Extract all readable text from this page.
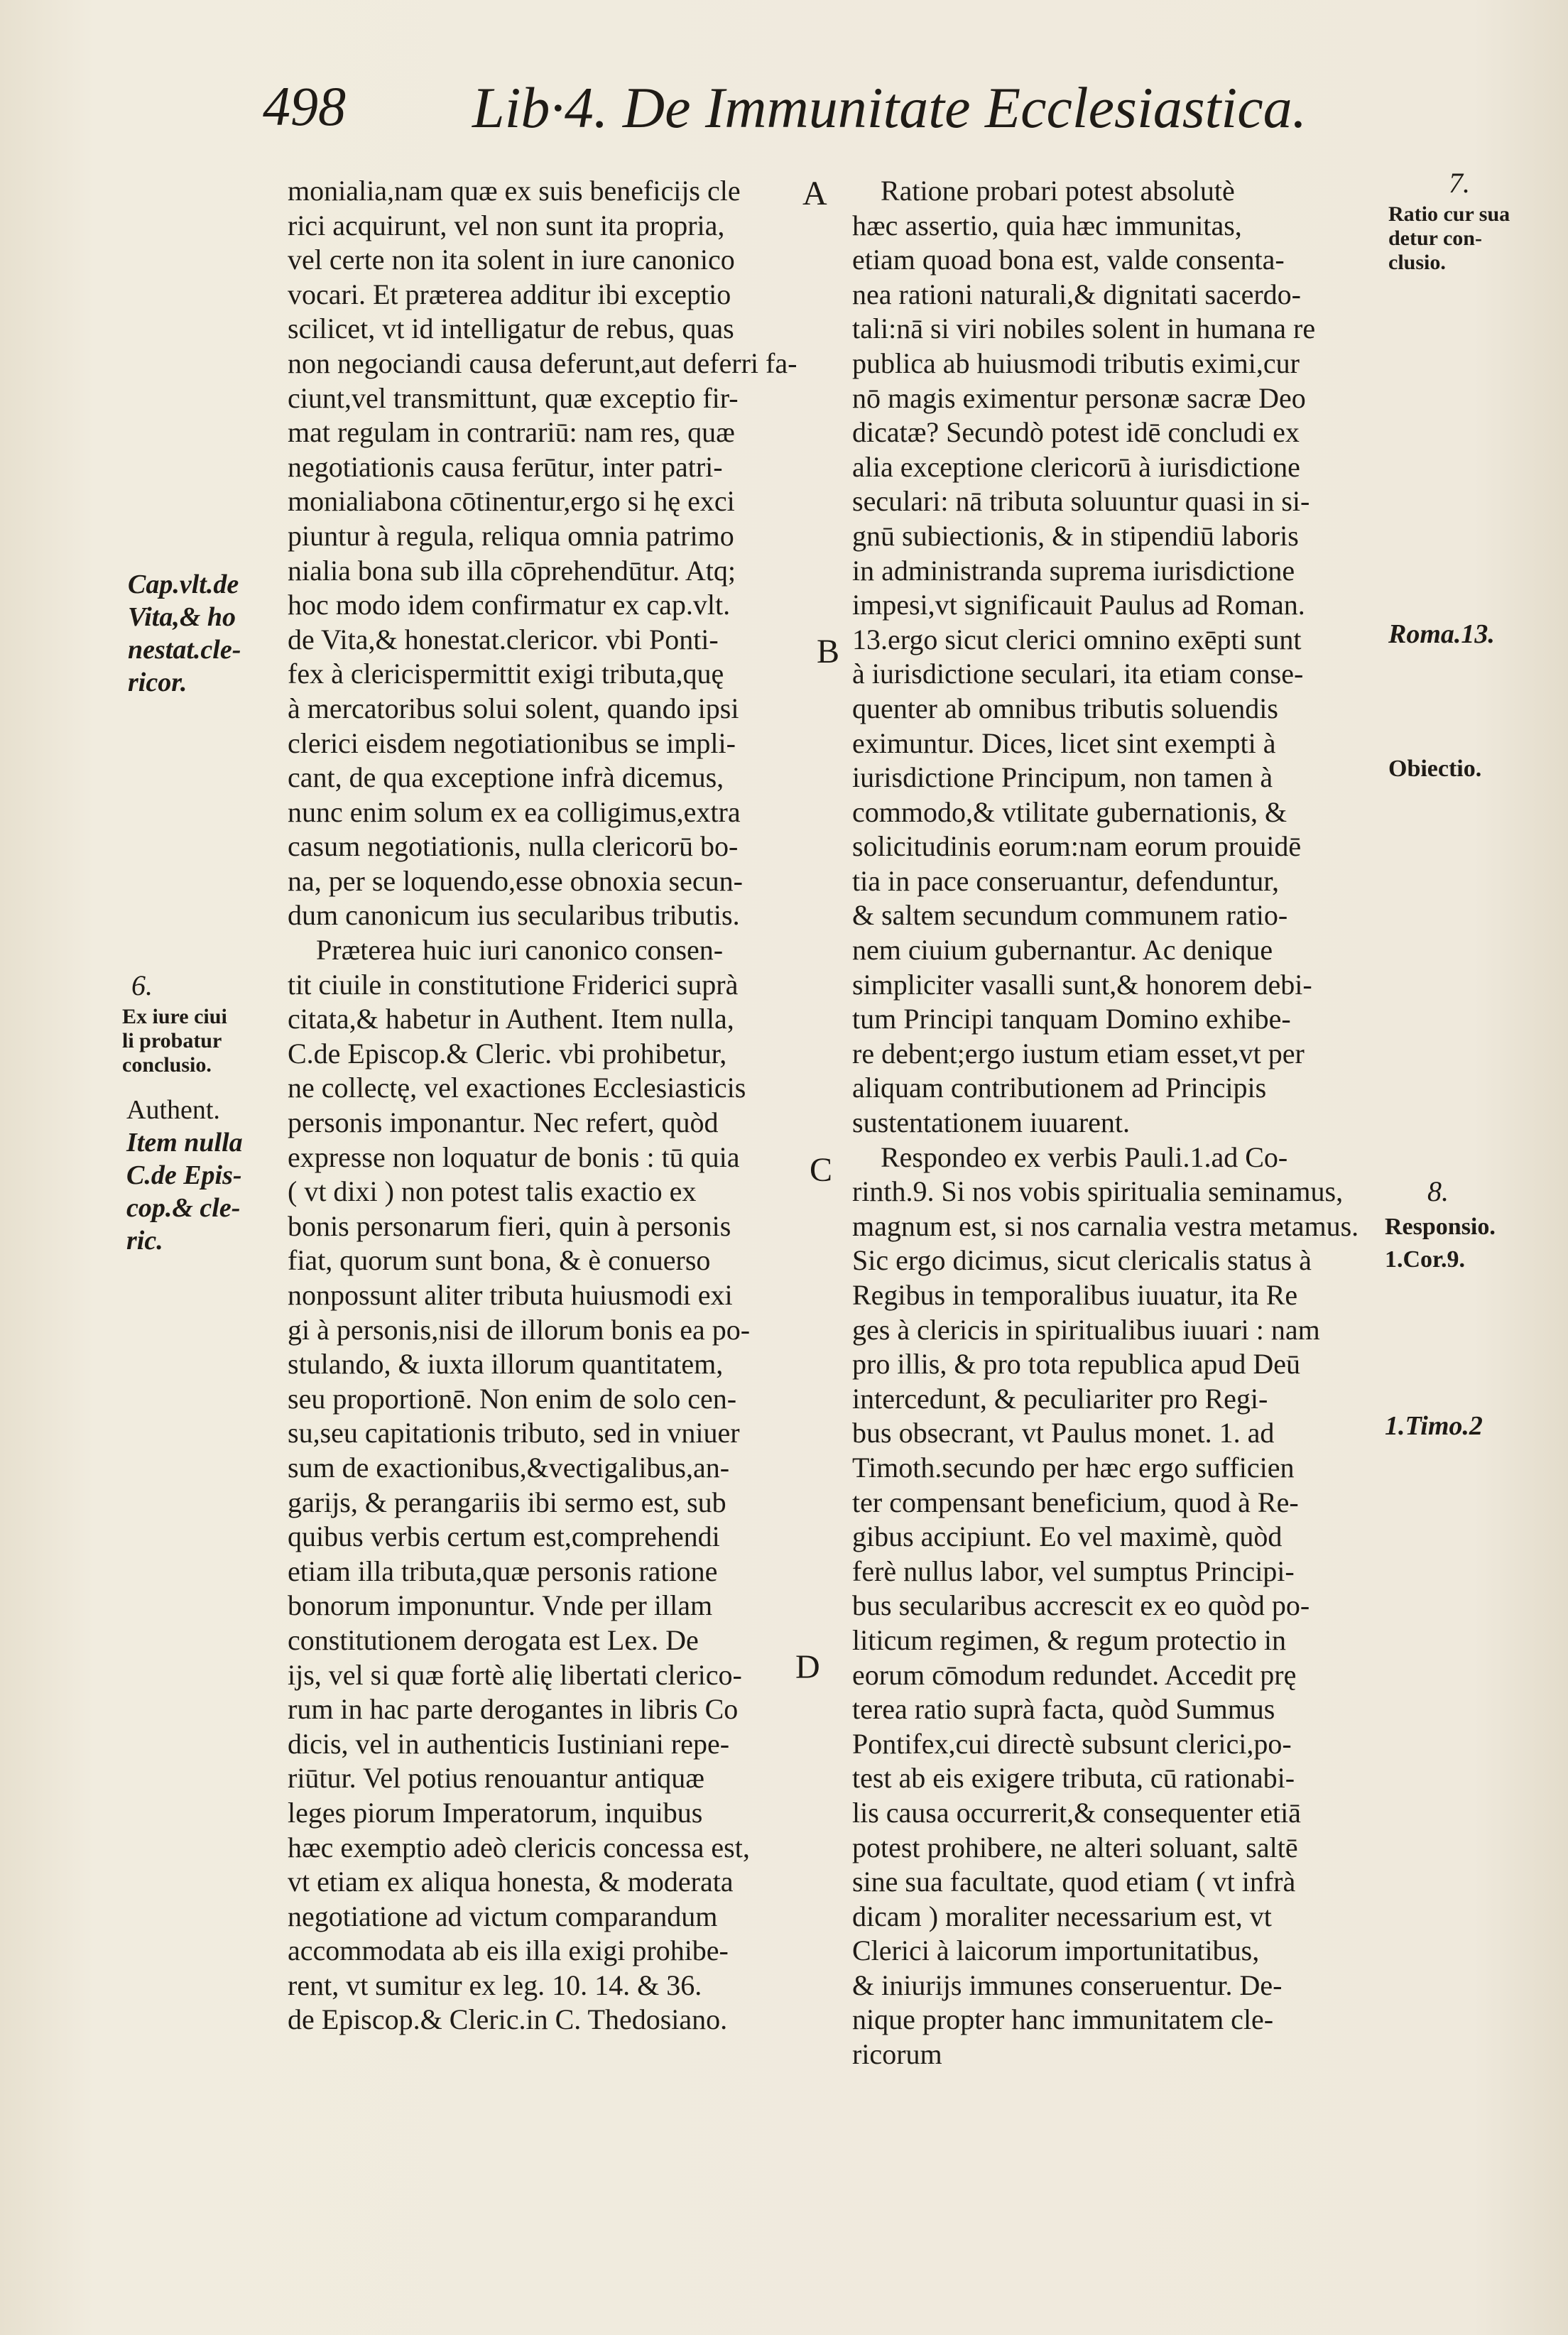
498 Lib·4. De Immunitate Ecclesiastica.
A
B
C
D

monialia,nam quæ ex suis beneficijs cle

rici acquirunt, vel non sunt ita propria,

vel certe non ita solent in iure canonico

vocari. Et præterea additur ibi exceptio

scilicet, vt id intelligatur de rebus, quas

non negociandi causa deferunt,aut deferri fa-

ciunt,vel transmittunt, quæ exceptio fir-

mat regulam in contrariū: nam res, quæ

negotiationis causa ferūtur, inter patri-

monialiabona cōtinentur,ergo si hę exci

piuntur à regula, reliqua omnia patrimo

nialia bona sub illa cōprehendūtur. Atq;

hoc modo idem confirmatur ex cap.vlt.

de Vita,& honestat.clericor. vbi Ponti-

fex à clericispermittit exigi tributa,quę

à mercatoribus solui solent, quando ipsi

clerici eisdem negotiationibus se impli-

cant, de qua exceptione infrà dicemus,

nunc enim solum ex ea colligimus,extra

casum negotiationis, nulla clericorū bo-

na, per se loquendo,esse obnoxia secun-

dum canonicum ius secularibus tributis.

Præterea huic iuri canonico consen-

tit ciuile in constitutione Friderici suprà

citata,& habetur in Authent. Item nulla,

C.de Episcop.& Cleric. vbi prohibetur,

ne collectę, vel exactiones Ecclesiasticis

personis imponantur. Nec refert, quòd

expresse non loquatur de bonis : tū quia

( vt dixi ) non potest talis exactio ex

bonis personarum fieri, quin à personis

fiat, quorum sunt bona, & è conuerso

nonpossunt aliter tributa huiusmodi exi

gi à personis,nisi de illorum bonis ea po-

stulando, & iuxta illorum quantitatem,

seu proportionē. Non enim de solo cen-

su,seu capitationis tributo, sed in vniuer

sum de exactionibus,&vectigalibus,an-

garijs, & perangariis ibi sermo est, sub

quibus verbis certum est,comprehendi

etiam illa tributa,quæ personis ratione

bonorum imponuntur. Vnde per illam

constitutionem derogata est Lex. De

ijs, vel si quæ fortè alię libertati clerico-

rum in hac parte derogantes in libris Co

dicis, vel in authenticis Iustiniani repe-

riūtur. Vel potius renouantur antiquæ

leges piorum Imperatorum, inquibus

hæc exemptio adeò clericis concessa est,

vt etiam ex aliqua honesta, & moderata

negotiatione ad victum comparandum

accommodata ab eis illa exigi prohibe-

rent, vt sumitur ex leg. 10. 14. & 36.

de Episcop.& Cleric.in C. Thedosiano.

Ratione probari potest absolutè

hæc assertio, quia hæc immunitas,

etiam quoad bona est, valde consenta-

nea rationi naturali,& dignitati sacerdo-

tali:nā si viri nobiles solent in humana re

publica ab huiusmodi tributis eximi,cur

nō magis eximentur personæ sacræ Deo

dicatæ? Secundò potest idē concludi ex

alia exceptione clericorū à iurisdictione

seculari: nā tributa soluuntur quasi in si-

gnū subiectionis, & in stipendiū laboris

in administranda suprema iurisdictione

impesi,vt significauit Paulus ad Roman.

13.ergo sicut clerici omnino exēpti sunt

à iurisdictione seculari, ita etiam conse-

quenter ab omnibus tributis soluendis

eximuntur. Dices, licet sint exempti à

iurisdictione Principum, non tamen à

commodo,& vtilitate gubernationis, &

solicitudinis eorum:nam eorum prouidē

tia in pace conseruantur, defenduntur,

& saltem secundum communem ratio-

nem ciuium gubernantur. Ac denique

simpliciter vasalli sunt,& honorem debi-

tum Principi tanquam Domino exhibe-

re debent;ergo iustum etiam esset,vt per

aliquam contributionem ad Principis

sustentationem iuuarent.

Respondeo ex verbis Pauli.1.ad Co-

rinth.9. Si nos vobis spiritualia seminamus,

magnum est, si nos carnalia vestra metamus.

Sic ergo dicimus, sicut clericalis status à

Regibus in temporalibus iuuatur, ita Re

ges à clericis in spiritualibus iuuari : nam

pro illis, & pro tota republica apud Deū

intercedunt, & peculiariter pro Regi-

bus obsecrant, vt Paulus monet. 1. ad

Timoth.secundo per hæc ergo sufficien

ter compensant beneficium, quod à Re-

gibus accipiunt. Eo vel maximè, quòd

ferè nullus labor, vel sumptus Principi-

bus secularibus accrescit ex eo quòd po-

liticum regimen, & regum protectio in

eorum cōmodum redundet. Accedit prę

terea ratio suprà facta, quòd Summus

Pontifex,cui directè subsunt clerici,po-

test ab eis exigere tributa, cū rationabi-

lis causa occurrerit,& consequenter etiā

potest prohibere, ne alteri soluant, saltē

sine sua facultate, quod etiam ( vt infrà

dicam ) moraliter necessarium est, vt

Clerici à laicorum importunitatibus,

& iniurijs immunes conseruentur. De-

nique propter hanc immunitatem cle-

ricorum

Cap.vlt.de
Vita,& ho
nestat.cle-
ricor.
6.
Ex iure ciui
li probatur
conclusio.
Authent.
Item nulla
C.de Epis-
cop.& cle-
ric.
7.
Ratio cur sua
detur con-
clusio.
Roma.13.
Obiectio.
8.
Responsio.
1.Cor.9.
1.Timo.2
